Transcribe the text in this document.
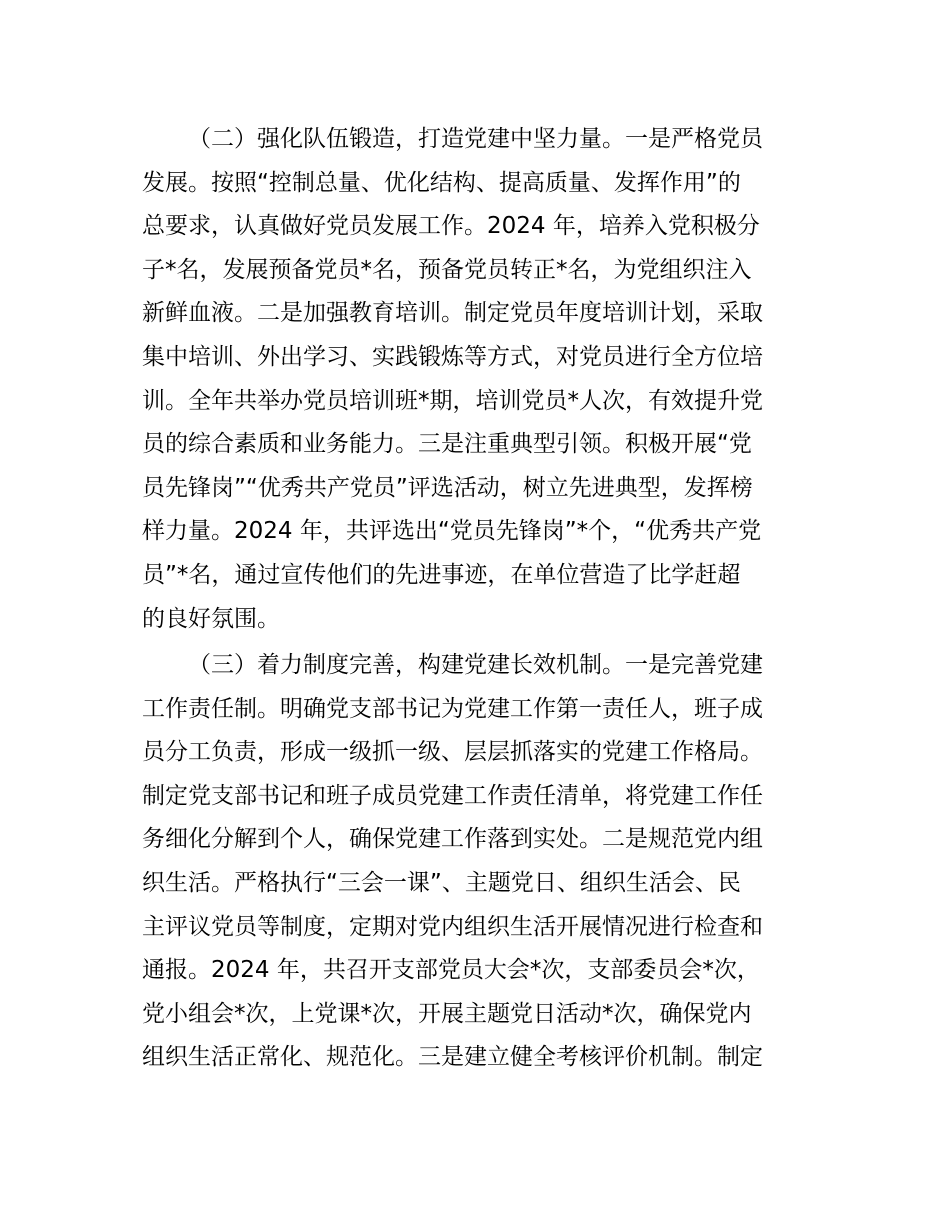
（二）强化队伍锻造，打造党建中坚力量。一是严格党员
发展。按照“控制总量、优化结构、提高质量、发挥作用”的
总要求，认真做好党员发展工作。2024 年，培养入党积极分
子*名，发展预备党员*名，预备党员转正*名，为党组织注入
新鲜血液。二是加强教育培训。制定党员年度培训计划，采取
集中培训、外出学习、实践锻炼等方式，对党员进行全方位培
训。全年共举办党员培训班*期，培训党员*人次，有效提升党
员的综合素质和业务能力。三是注重典型引领。积极开展“党
员先锋岗”“优秀共产党员”评选活动，树立先进典型，发挥榜
样力量。2024 年，共评选出“党员先锋岗”*个，“优秀共产党
员”*名，通过宣传他们的先进事迹，在单位营造了比学赶超
的良好氛围。
（三）着力制度完善，构建党建长效机制。一是完善党建
工作责任制。明确党支部书记为党建工作第一责任人，班子成
员分工负责，形成一级抓一级、层层抓落实的党建工作格局。
制定党支部书记和班子成员党建工作责任清单，将党建工作任
务细化分解到个人，确保党建工作落到实处。二是规范党内组
织生活。严格执行“三会一课”、主题党日、组织生活会、民
主评议党员等制度，定期对党内组织生活开展情况进行检查和
通报。2024 年，共召开支部党员大会*次，支部委员会*次，
党小组会*次，上党课*次，开展主题党日活动*次，确保党内
组织生活正常化、规范化。三是建立健全考核评价机制。制定
